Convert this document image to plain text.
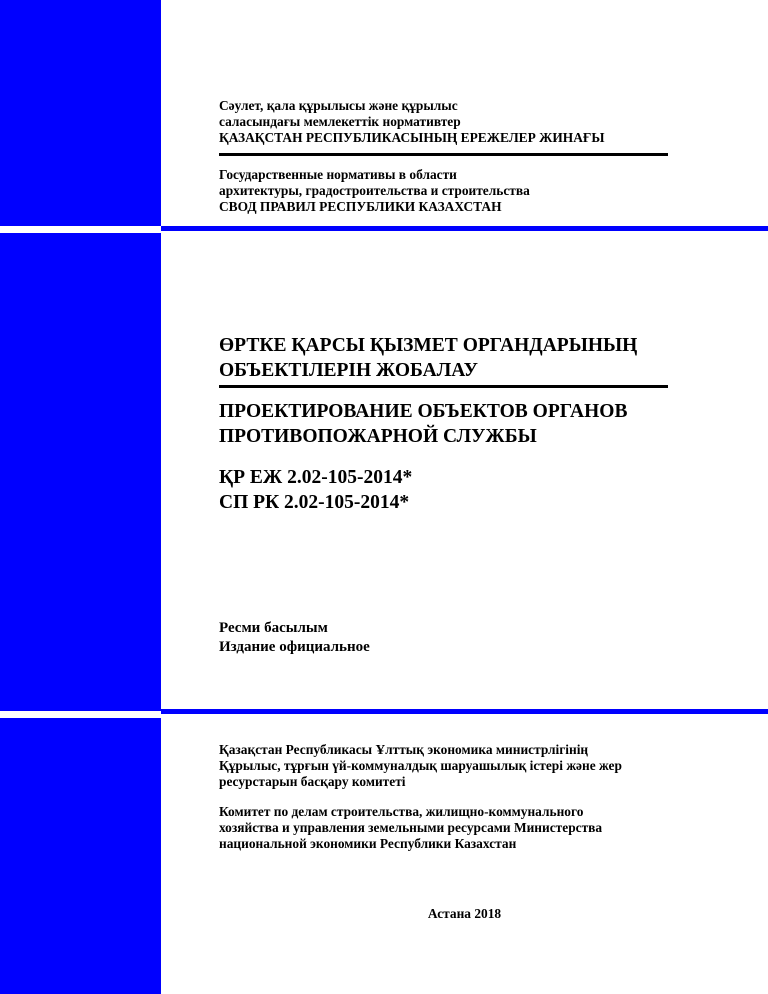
Сәулет, қала құрылысы және құрылыс
саласындағы мемлекеттік нормативтер
ҚАЗАҚСТАН РЕСПУБЛИКАСЫНЫҢ ЕРЕЖЕЛЕР ЖИНАҒЫ
Государственные нормативы в области
архитектуры, градостроительства и строительства
СВОД ПРАВИЛ РЕСПУБЛИКИ КАЗАХСТАН
ӨРТКЕ ҚАРСЫ ҚЫЗМЕТ ОРГАНДАРЫНЫҢ
ОБЪЕКТІЛЕРІН ЖОБАЛАУ
ПРОЕКТИРОВАНИЕ ОБЪЕКТОВ ОРГАНОВ
ПРОТИВОПОЖАРНОЙ СЛУЖБЫ
ҚР ЕЖ 2.02-105-2014*
СП РК 2.02-105-2014*
Ресми басылым
Издание официальное
Қазақстан Республикасы Ұлттық экономика министрлігінің
Құрылыс, тұрғын үй-коммуналдық шаруашылық істері және жер
ресурстарын басқару комитеті
Комитет по делам строительства, жилищно-коммунального
хозяйства и управления земельными ресурсами Министерства
национальной экономики Республики Казахстан
Астана 2018
